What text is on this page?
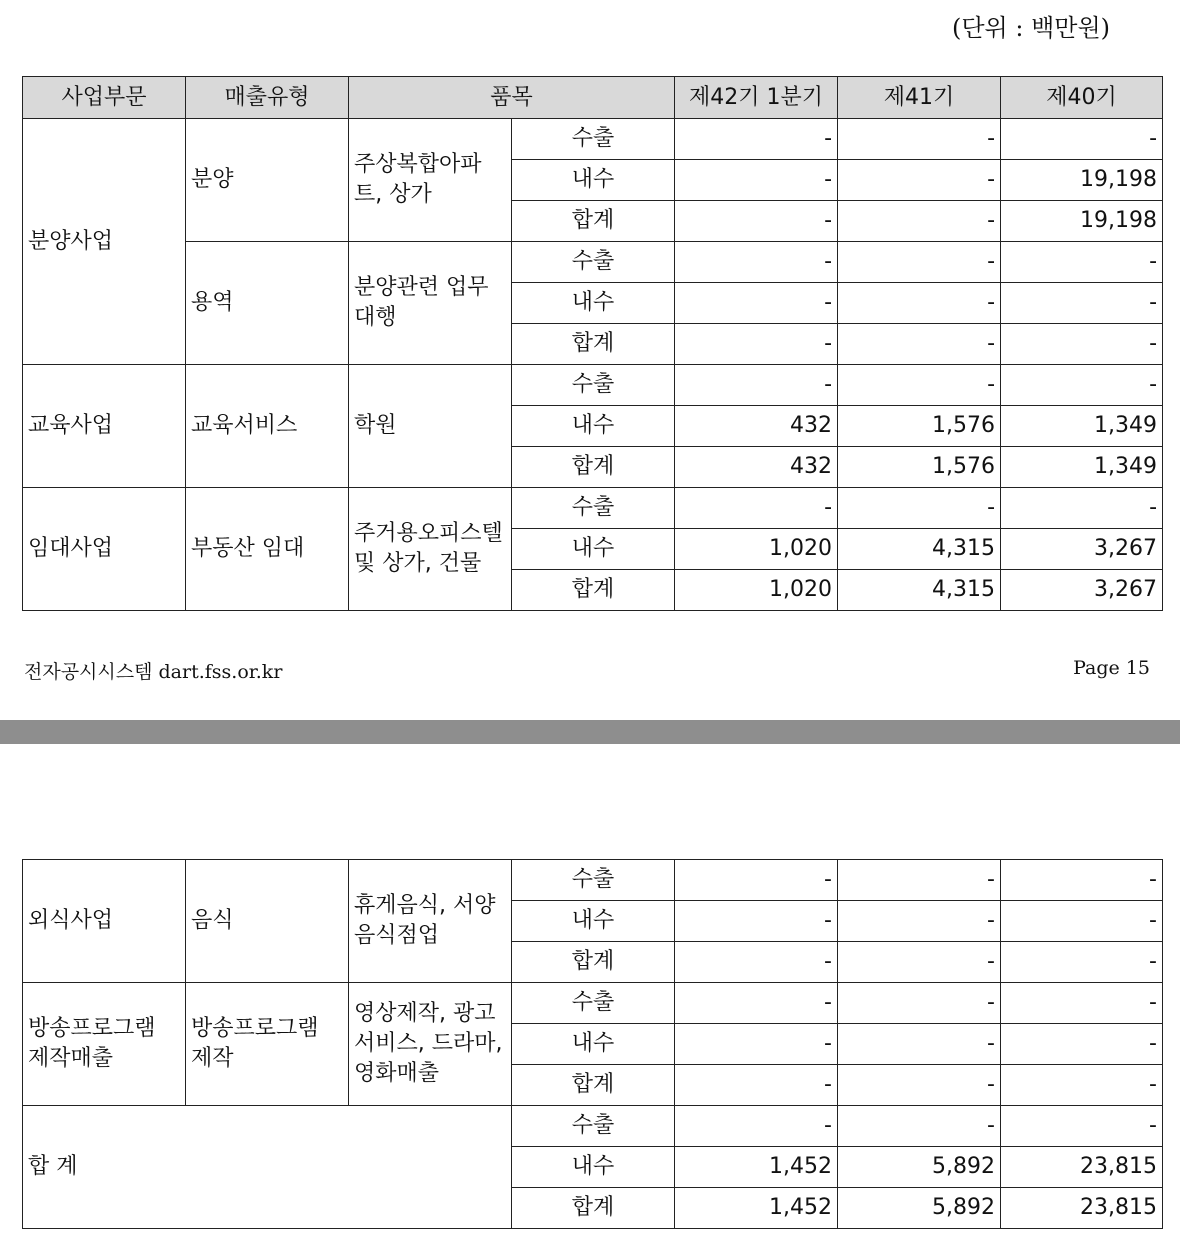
(단위 : 백만원)
사업부문	매출유형	품목		제42기 1분기	제41기	제40기
분양사업	분양	주상복합아파트, 상가	수출	-	-	-
			내수	-	-	19,198
			합계	-	-	19,198
	용역	분양관련 업무대행	수출	-	-	-
			내수	-	-	-
			합계	-	-	-
교육사업	교육서비스	학원	수출	-	-	-
			내수	432	1,576	1,349
			합계	432	1,576	1,349
임대사업	부동산 임대	주거용오피스텔 및 상가, 건물	수출	-	-	-
			내수	1,020	4,315	3,267
			합계	1,020	4,315	3,267
전자공시시스템 dart.fss.or.kr	Page 15
외식사업	음식	휴게음식, 서양음식점업	수출	-	-	-
			내수	-	-	-
			합계	-	-	-
방송프로그램 제작매출	방송프로그램 제작	영상제작, 광고서비스, 드라마, 영화매출	수출	-	-	-
			내수	-	-	-
			합계	-	-	-
합 계			수출	-	-	-
			내수	1,452	5,892	23,815
			합계	1,452	5,892	23,815
